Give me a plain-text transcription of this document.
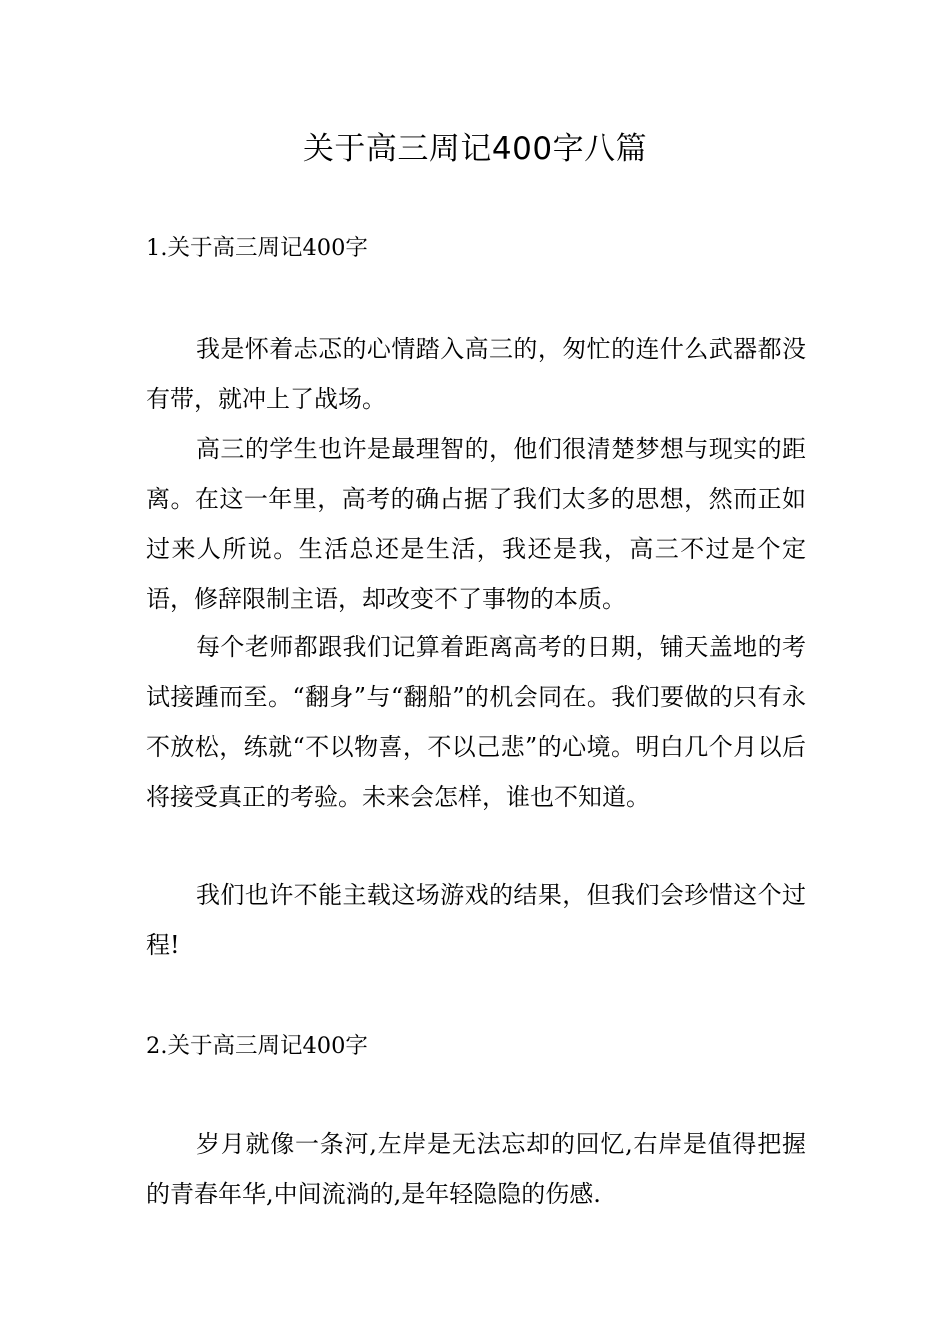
关于高三周记400字八篇
1.关于高三周记400字

我是怀着忐忑的心情踏入高三的，匆忙的连什么武器都没有带，就冲上了战场。

高三的学生也许是最理智的，他们很清楚梦想与现实的距离。在这一年里，高考的确占据了我们太多的思想，然而正如过来人所说。生活总还是生活，我还是我，高三不过是个定语，修辞限制主语，却改变不了事物的本质。

每个老师都跟我们记算着距离高考的日期，铺天盖地的考试接踵而至。“翻身”与“翻船”的机会同在。我们要做的只有永不放松，练就“不以物喜，不以己悲”的心境。明白几个月以后将接受真正的考验。未来会怎样，谁也不知道。

我们也许不能主载这场游戏的结果，但我们会珍惜这个过程!

2.关于高三周记400字

岁月就像一条河,左岸是无法忘却的回忆,右岸是值得把握的青春年华,中间流淌的,是年轻隐隐的伤感.
